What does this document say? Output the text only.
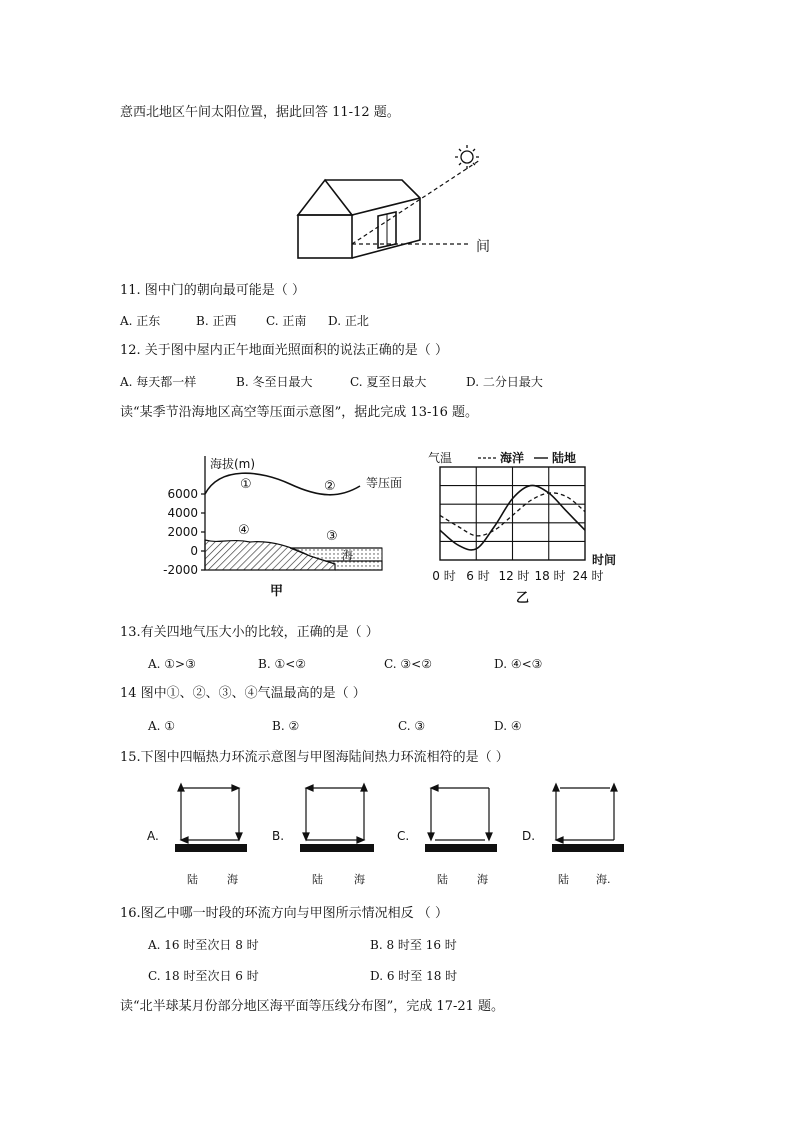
意西北地区午间太阳位置，据此回答 11-12 题。
间
11. 图中门的朝向最可能是（ ）
A. 正东	B. 正西 C. 正南 D. 正北
12. 关于图中屋内正午地面光照面积的说法正确的是（ ）
A. 每天都一样	B. 冬至日最大	C. 夏至日最大	D. 二分日最大
读“某季节沿海地区高空等压面示意图”，据此完成 13-16 题。
海拔(m)
6000
4000
2000
0
-2000
①	②
③
④
等压面
海
甲
气温	海洋 陆地
时间
0 时 6 时 12 时 18 时 24 时
乙
13.有关四地气压大小的比较，正确的是（ ）
A. ①>③	B. ①<②	C. ③<②	D. ④<③
14 图中①、②、③、④气温最高的是（ ）
A. ①	B. ②	C. ③	D. ④
15.下图中四幅热力环流示意图与甲图海陆间热力环流相符的是（ ）
A.
陆	海
B.
陆	海
C.
陆	海
D.
陆 海.
16.图乙中哪一时段的环流方向与甲图所示情况相反 （ ）
A. 16 时至次日 8 时	B. 8 时至 16 时
C. 18 时至次日 6 时	D. 6 时至 18 时
读“北半球某月份部分地区海平面等压线分布图”，完成 17-21 题。
